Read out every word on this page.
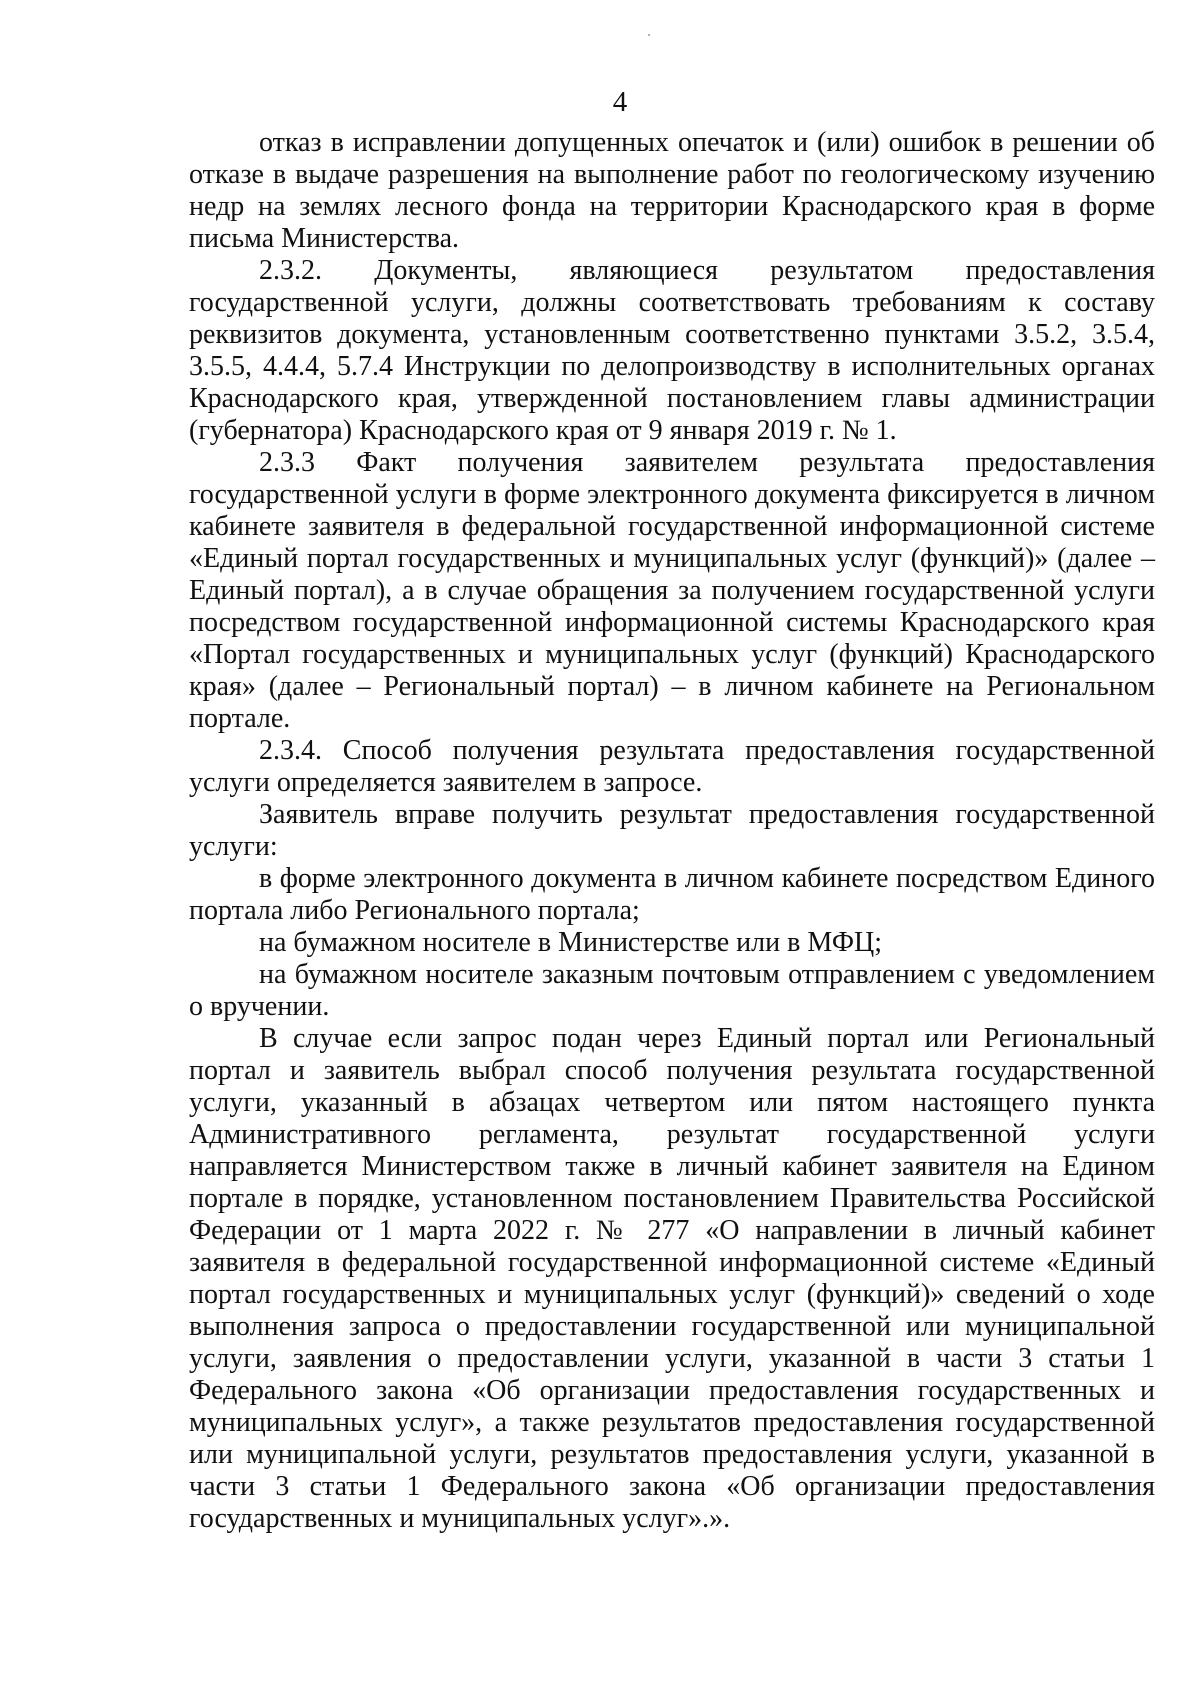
4

отказ в исправлении допущенных опечаток и (или) ошибок в решении об отказе в выдаче разрешения на выполнение работ по геологическому изучению недр на землях лесного фонда на территории Краснодарского края в форме письма Министерства.

2.3.2. Документы, являющиеся результатом предоставления государственной услуги, должны соответствовать требованиям к составу реквизитов документа, установленным соответственно пунктами 3.5.2, 3.5.4, 3.5.5, 4.4.4, 5.7.4 Инструкции по делопроизводству в исполнительных органах Краснодарского края, утвержденной постановлением главы администрации (губернатора) Краснодарского края от 9 января 2019 г. № 1.

2.3.3 Факт получения заявителем результата предоставления государственной услуги в форме электронного документа фиксируется в личном кабинете заявителя в федеральной государственной информационной системе «Единый портал государственных и муниципальных услуг (функций)» (далее – Единый портал), а в случае обращения за получением государственной услуги посредством государственной информационной системы Краснодарского края «Портал государственных и муниципальных услуг (функций) Краснодарского края» (далее – Региональный портал) – в личном кабинете на Региональном портале.

2.3.4. Способ получения результата предоставления государственной услуги определяется заявителем в запросе.

Заявитель вправе получить результат предоставления государственной услуги:

в форме электронного документа в личном кабинете посредством Единого портала либо Регионального портала;

на бумажном носителе в Министерстве или в МФЦ;

на бумажном носителе заказным почтовым отправлением с уведомлением о вручении.

В случае если запрос подан через Единый портал или Региональный портал и заявитель выбрал способ получения результата государственной услуги, указанный в абзацах четвертом или пятом настоящего пункта Административного регламента, результат государственной услуги направляется Министерством также в личный кабинет заявителя на Едином портале в порядке, установленном постановлением Правительства Российской Федерации от 1 марта 2022 г. № 277 «О направлении в личный кабинет заявителя в федеральной государственной информационной системе «Единый портал государственных и муниципальных услуг (функций)» сведений о ходе выполнения запроса о предоставлении государственной или муниципальной услуги, заявления о предоставлении услуги, указанной в части 3 статьи 1 Федерального закона «Об организации предоставления государственных и муниципальных услуг», а также результатов предоставления государственной или муниципальной услуги, результатов предоставления услуги, указанной в части 3 статьи 1 Федерального закона «Об организации предоставления государственных и муниципальных услуг».».
